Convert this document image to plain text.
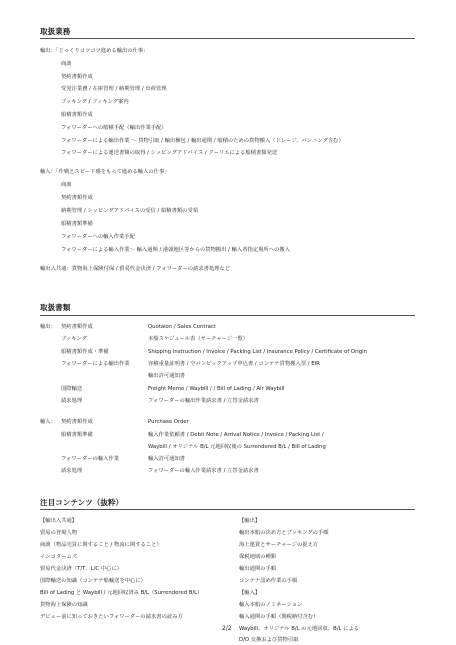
取扱業務
輸出：「じっくりコツコツ進める輸出の仕事」
商談
契約書類作成
受発注業務 / 在庫管理 / 納期管理 / 出荷管理
ブッキング / ブッキング案内
船積書類作成
フォワーダーへの船積手配（輸出作業手配）
フォワーダーによる輸出作業 ～ 貨物引取 / 輸出梱包 / 輸出通関 / 船積のための貨物搬入（ドレージ、バンニング含む）
フォワーダーによる運送書類の取得 / シッピングアドバイス / クーリエによる船積書類発送
輸入：「作戦とスピード感をもって進める輸入の仕事」
商談
契約書類作成
納期管理 / シッピングアドバイスの受信 / 船積書類の受領
船積書類準備
フォワーダーへの輸入作業手配
フォワーダーによる輸入作業～ 輸入通関 / 港頭地区等からの貨物搬出 / 輸入者指定場所への搬入
輸出入共通：貨物海上保険付保 / 貿易代金決済 / フォワーダーの請求書処理など
取扱書類
輸出： 契約書類作成	Quotaion / Sales Contract
ブッキング	本船スケジュール表（サーチャージ一覧）
船積書類作成・準備	Shipping Instruction / Invoice / Packing List / Insurance Policy / Certificate of Origin
フォワーダーによる輸出作業	容積重量証明書 / 空バンピックアップ申込書 / コンテナ貨物搬入票 / EIR
輸出許可通知書
国際輸送	Freight Memo / Waybill / / Bill of Lading / Air Waybill
請求処理	フォワーダーの輸出作業請求書 / 立替金請求書
輸入： 契約書類作成	Purchase Order
船積書類準備	輸入作業依頼書 / Debit Note / Arrival Notice / Invoice / Packing List /
Waybill / オリジナル B/L 元地回収後の Surrendered B/L / Bill of Lading
フォワーダーの輸入作業	輸入許可通知書
請求処理	フォワーダーの輸入作業請求書 / 立替金請求書
注目コンテンツ（抜粋）
【輸出入共通】
貿易の登場人物
商談（物品売買に関すること / 物流に関すること）
インコタームズ
貿易代金決済（T/T、L/C 中心に）
国際輸送の知識（コンテナ船輸送を中心に）
Bill of Lading と Waybill / 元地回収済み B/L（Surrendered B/L）
貨物海上保険の知識
デビュー前に知っておきたいフォワーダーの請求書の読み方
【輸出】
輸出本船の決め方とブッキングの手順
海上運賃とサーチャージの捉え方
保税地域の種類
輸出通関の手順
コンテナ詰め作業の手順
【輸入】
輸入本船のノミネーション
輸入通関の手順（関税納付含む）
Waybill、オリジナル B/L の元地回収、B/L による
D/O 交換および貨物引取
2/2
